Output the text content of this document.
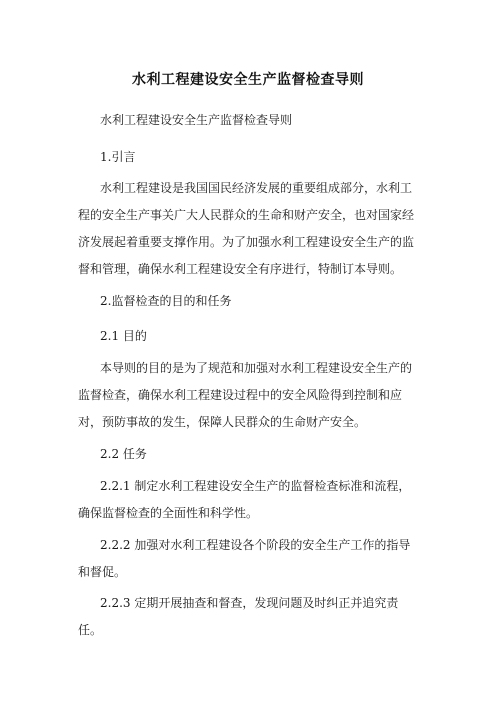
水利工程建设安全生产监督检查导则

水利工程建设安全生产监督检查导则

1.引言

水利工程建设是我国国民经济发展的重要组成部分，水利工程的安全生产事关广大人民群众的生命和财产安全，也对国家经济发展起着重要支撑作用。为了加强水利工程建设安全生产的监督和管理，确保水利工程建设安全有序进行，特制订本导则。

2.监督检查的目的和任务

2.1 目的

本导则的目的是为了规范和加强对水利工程建设安全生产的监督检查，确保水利工程建设过程中的安全风险得到控制和应对，预防事故的发生，保障人民群众的生命财产安全。

2.2 任务

2.2.1 制定水利工程建设安全生产的监督检查标准和流程，确保监督检查的全面性和科学性。

2.2.2 加强对水利工程建设各个阶段的安全生产工作的指导和督促。

2.2.3 定期开展抽查和督查，发现问题及时纠正并追究责任。
